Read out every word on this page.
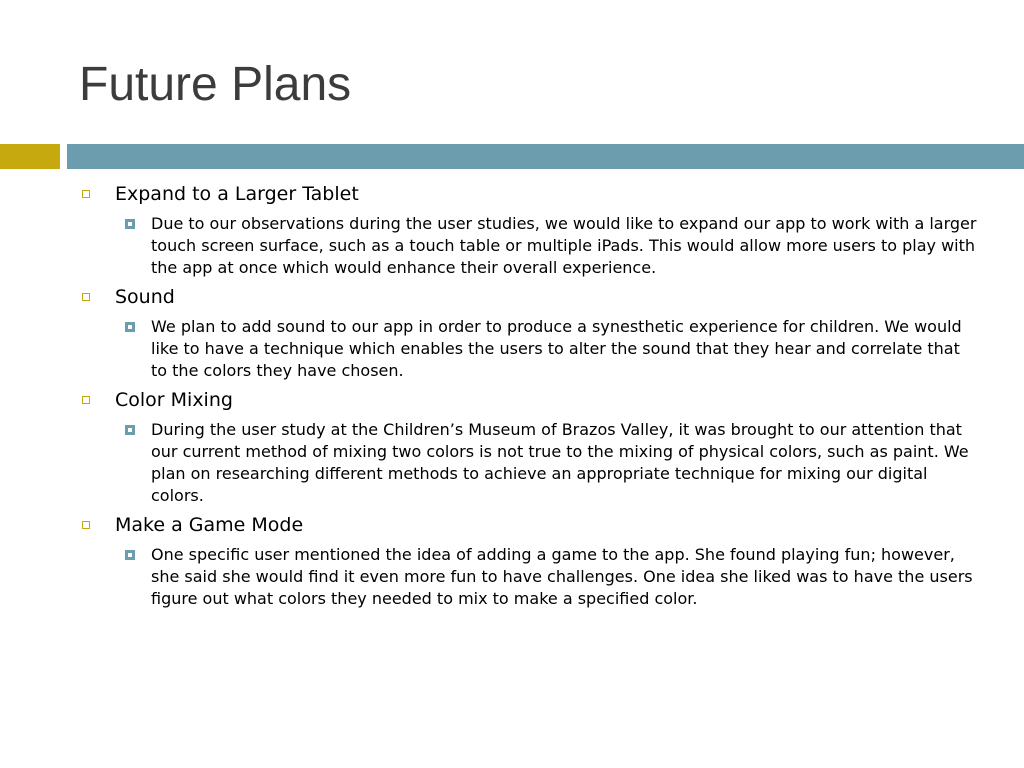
Future Plans
Expand to a Larger Tablet
Due to our observations during the user studies, we would like to expand our app to work with a larger touch screen surface, such as a touch table or multiple iPads. This would allow more users to play with the app at once which would enhance their overall experience.
Sound
We plan to add sound to our app in order to produce a synesthetic experience for children. We would like to have a technique which enables the users to alter the sound that they hear and correlate that to the colors they have chosen.
Color Mixing
During the user study at the Children’s Museum of Brazos Valley, it was brought to our attention that our current method of mixing two colors is not true to the mixing of physical colors, such as paint. We plan on researching different methods to achieve an appropriate technique for mixing our digital colors.
Make a Game Mode
One specific user mentioned the idea of adding a game to the app. She found playing fun; however, she said she would find it even more fun to have challenges. One idea she liked was to have the users figure out what colors they needed to mix to make a specified color.
